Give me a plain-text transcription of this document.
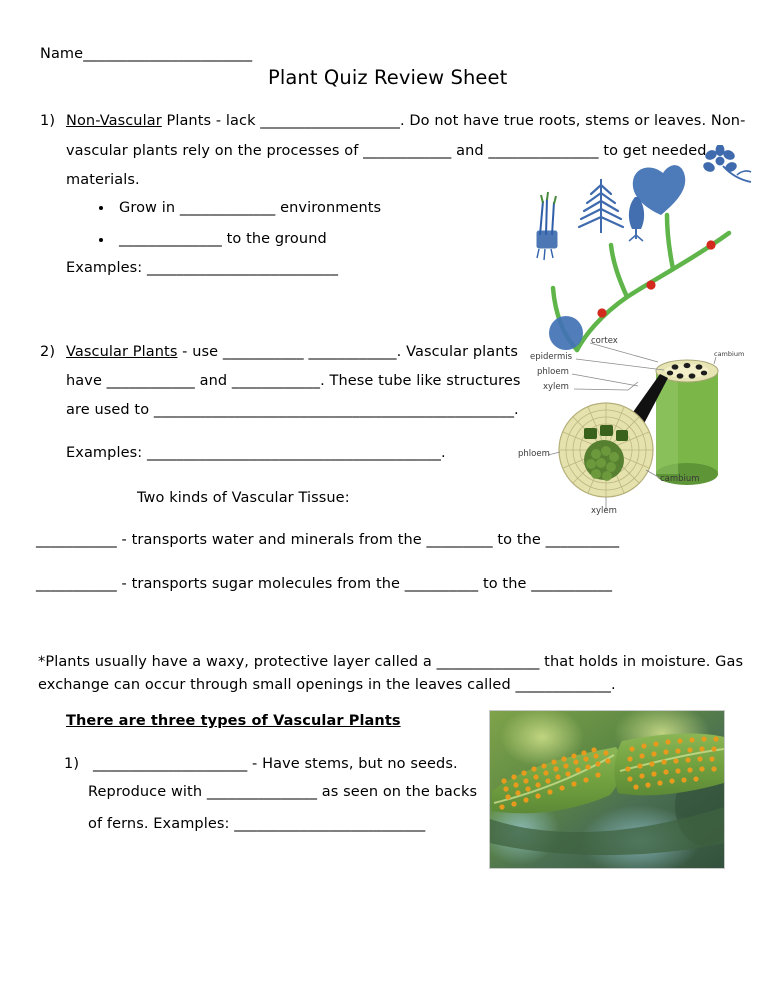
Name_______________________
Plant Quiz Review Sheet
1) Non-Vascular Plants - lack ___________________. Do not have true roots, stems or leaves. Non-
vascular plants rely on the processes of ____________ and _______________ to get needed
materials.
Grow in _____________ environments
______________ to the ground
Examples: __________________________
2) Vascular Plants - use ___________ ____________. Vascular plants
have ____________ and ____________. These tube like structures
are used to _________________________________________________.
Examples: ________________________________________.
Two kinds of Vascular Tissue:
___________ - transports water and minerals from the _________ to the __________
___________ - transports sugar molecules from the __________ to the ___________
*Plants usually have a waxy, protective layer called a ______________ that holds in moisture. Gas
exchange can occur through small openings in the leaves called _____________.
There are three types of Vascular Plants
1) _____________________ - Have stems, but no seeds.
Reproduce with _______________ as seen on the backs
of ferns. Examples: __________________________
cortex
epidermis
phloem
xylem
cambium
phloem
cambium
xylem
